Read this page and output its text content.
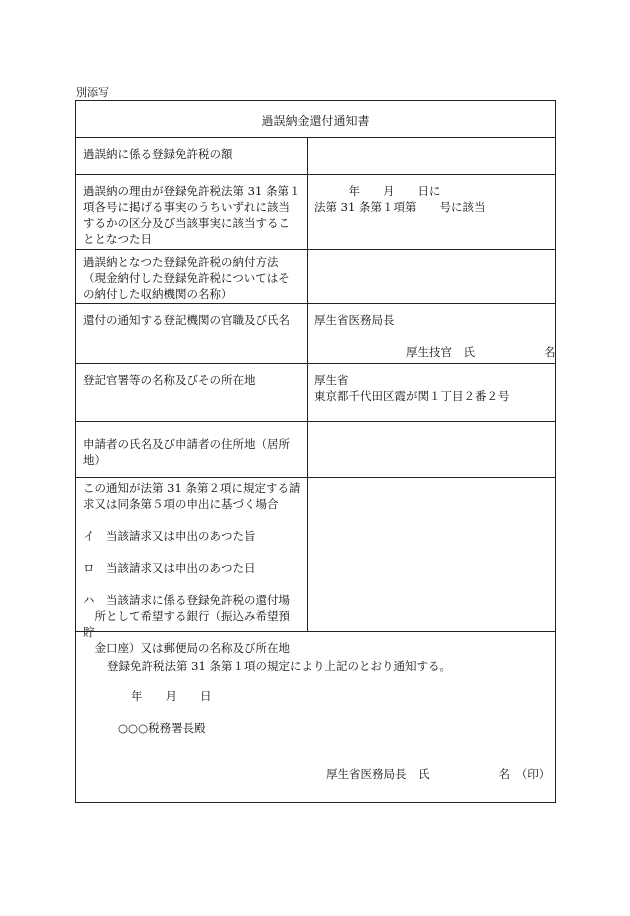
別添写
過誤納金還付通知書
過誤納に係る登録免許税の額
過誤納の理由が登録免許税法第 31 条第１
項各号に掲げる事実のうちいずれに該当
するかの区分及び当該事実に該当するこ
ととなつた日
　　　年　　月　　日に
法第 31 条第１項第　　号に該当
過誤納となつた登録免許税の納付方法
（現金納付した登録免許税についてはそ
の納付した収納機関の名称）
還付の通知する登記機関の官職及び氏名	厚生省医務局長
　　　　　　　　厚生技官　氏　　　　　　名
登記官署等の名称及びその所在地	厚生省
東京都千代田区霞が関１丁目２番２号
申請者の氏名及び申請者の住所地（居所
地）
この通知が法第 31 条第２項に規定する請
求又は同条第５項の申出に基づく場合
イ　当該請求又は申出のあつた旨
ロ　当該請求又は申出のあつた日
ハ　当該請求に係る登録免許税の還付場
　所として希望する銀行（振込み希望預貯
　金口座）又は郵便局の名称及び所在地
登録免許税法第 31 条第１項の規定により上記のとおり通知する。
年　　月　　日
○○○税務署長殿
厚生省医務局長　氏　　　　　　名　（印）
